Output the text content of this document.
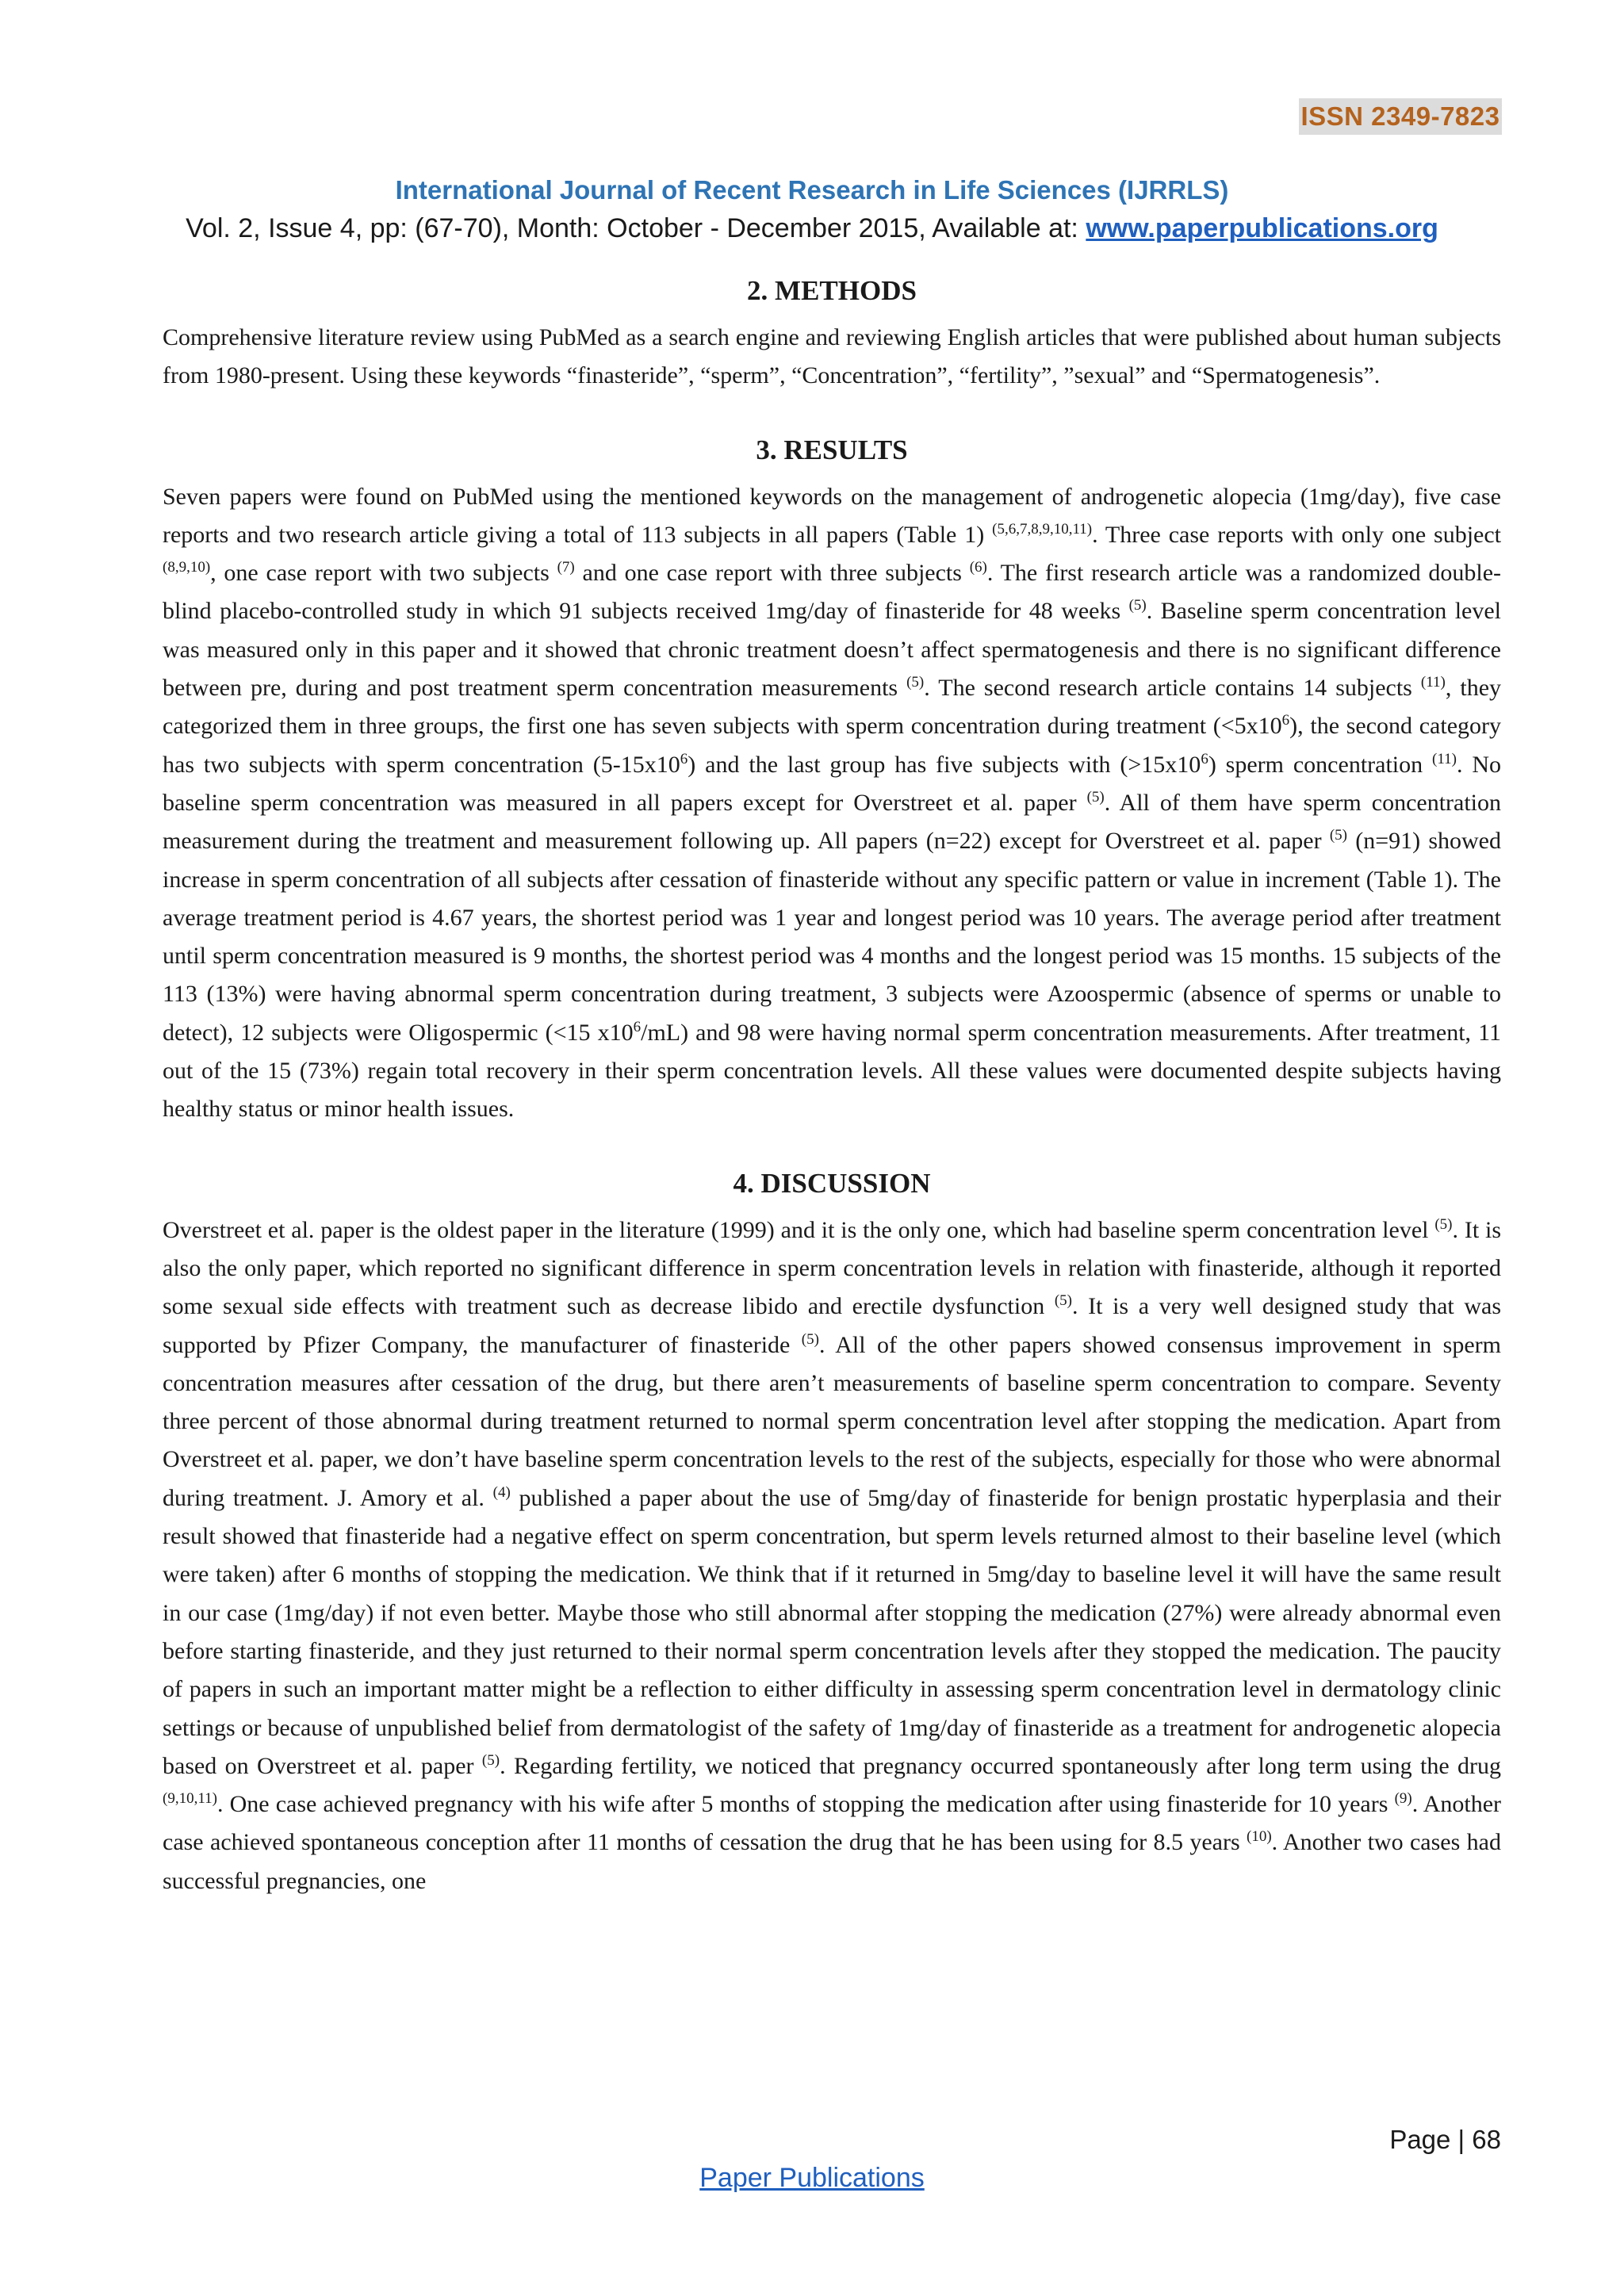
ISSN 2349-7823
International Journal of Recent Research in Life Sciences (IJRRLS)
Vol. 2, Issue 4, pp: (67-70), Month: October - December 2015, Available at: www.paperpublications.org
2. METHODS

Comprehensive literature review using PubMed as a search engine and reviewing English articles that were published about human subjects from 1980-present. Using these keywords “finasteride”, “sperm”, “Concentration”, “fertility”, ”sexual” and “Spermatogenesis”.

3. RESULTS

Seven papers were found on PubMed using the mentioned keywords on the management of androgenetic alopecia (1mg/day), five case reports and two research article giving a total of 113 subjects in all papers (Table 1) $^{(5,6,7,8,9,10,11)}$. Three case reports with only one subject $^{(8,9,10)}$, one case report with two subjects $^{(7)}$ and one case report with three subjects $^{(6)}$. The first research article was a randomized double-blind placebo-controlled study in which 91 subjects received 1mg/day of finasteride for 48 weeks $^{(5)}$. Baseline sperm concentration level was measured only in this paper and it showed that chronic treatment doesn’t affect spermatogenesis and there is no significant difference between pre, during and post treatment sperm concentration measurements $^{(5)}$. The second research article contains 14 subjects $^{(11)}$, they categorized them in three groups, the first one has seven subjects with sperm concentration during treatment $(<5x10^6)$, the second category has two subjects with sperm concentration $(5-15x10^6)$ and the last group has five subjects with $(>15x10^6)$ sperm concentration $^{(11)}$. No baseline sperm concentration was measured in all papers except for Overstreet et al. paper $^{(5)}$. All of them have sperm concentration measurement during the treatment and measurement following up. All papers (n=22) except for Overstreet et al. paper $^{(5)}$ (n=91) showed increase in sperm concentration of all subjects after cessation of finasteride without any specific pattern or value in increment (Table 1). The average treatment period is 4.67 years, the shortest period was 1 year and longest period was 10 years. The average period after treatment until sperm concentration measured is 9 months, the shortest period was 4 months and the longest period was 15 months. 15 subjects of the 113 (13%) were having abnormal sperm concentration during treatment, 3 subjects were Azoospermic (absence of sperms or unable to detect), 12 subjects were Oligospermic (<15 $x10^6/mL$) and 98 were having normal sperm concentration measurements. After treatment, 11 out of the 15 (73%) regain total recovery in their sperm concentration levels. All these values were documented despite subjects having healthy status or minor health issues.

4. DISCUSSION

Overstreet et al. paper is the oldest paper in the literature (1999) and it is the only one, which had baseline sperm concentration level $^{(5)}$. It is also the only paper, which reported no significant difference in sperm concentration levels in relation with finasteride, although it reported some sexual side effects with treatment such as decrease libido and erectile dysfunction $^{(5)}$. It is a very well designed study that was supported by Pfizer Company, the manufacturer of finasteride $^{(5)}$. All of the other papers showed consensus improvement in sperm concentration measures after cessation of the drug, but there aren’t measurements of baseline sperm concentration to compare. Seventy three percent of those abnormal during treatment returned to normal sperm concentration level after stopping the medication. Apart from Overstreet et al. paper, we don’t have baseline sperm concentration levels to the rest of the subjects, especially for those who were abnormal during treatment. J. Amory et al. $^{(4)}$ published a paper about the use of 5mg/day of finasteride for benign prostatic hyperplasia and their result showed that finasteride had a negative effect on sperm concentration, but sperm levels returned almost to their baseline level (which were taken) after 6 months of stopping the medication. We think that if it returned in 5mg/day to baseline level it will have the same result in our case (1mg/day) if not even better. Maybe those who still abnormal after stopping the medication (27%) were already abnormal even before starting finasteride, and they just returned to their normal sperm concentration levels after they stopped the medication. The paucity of papers in such an important matter might be a reflection to either difficulty in assessing sperm concentration level in dermatology clinic settings or because of unpublished belief from dermatologist of the safety of 1mg/day of finasteride as a treatment for androgenetic alopecia based on Overstreet et al. paper $^{(5)}$. Regarding fertility, we noticed that pregnancy occurred spontaneously after long term using the drug $^{(9,10,11)}$. One case achieved pregnancy with his wife after 5 months of stopping the medication after using finasteride for 10 years $^{(9)}$. Another case achieved spontaneous conception after 11 months of cessation the drug that he has been using for 8.5 years $^{(10)}$. Another two cases had successful pregnancies, one

Page | 68
Paper Publications
